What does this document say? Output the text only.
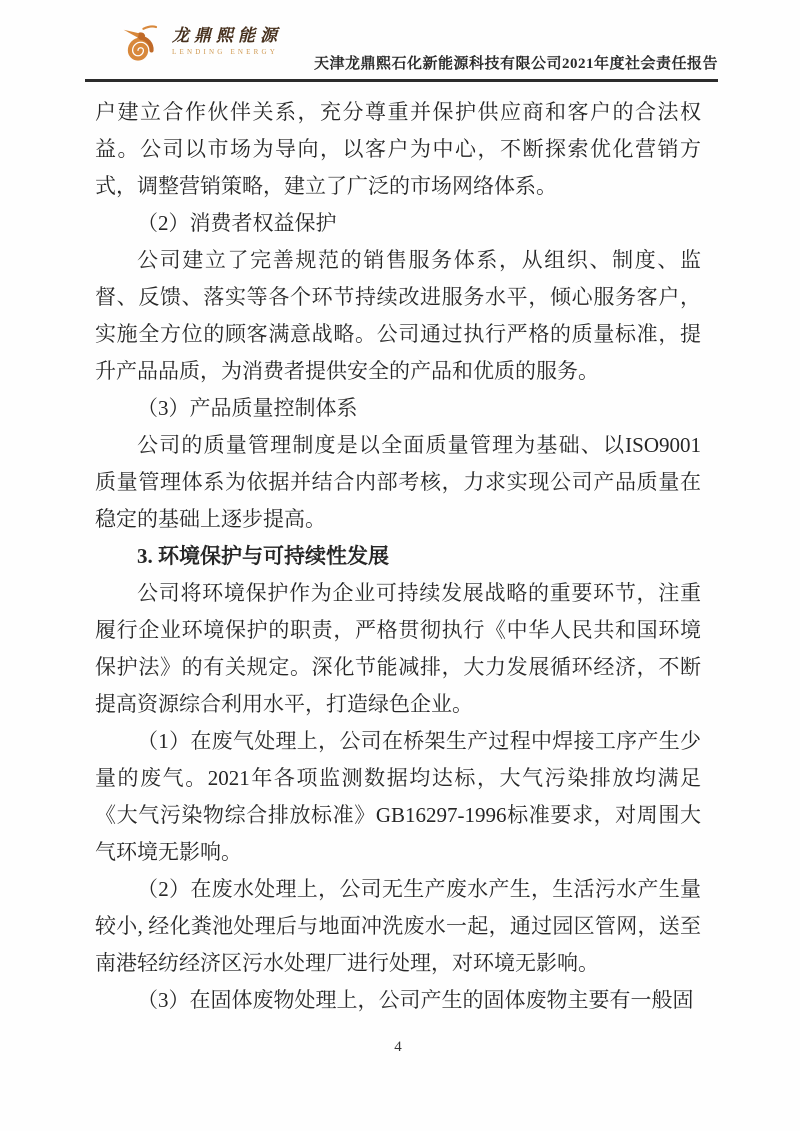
龙鼎熙能源
LENDING ENERGY
天津龙鼎熙石化新能源科技有限公司2021年度社会责任报告

户建立合作伙伴关系，充分尊重并保护供应商和客户的合法权益。公司以市场为导向，以客户为中心，不断探索优化营销方式，调整营销策略，建立了广泛的市场网络体系。

（2）消费者权益保护

公司建立了完善规范的销售服务体系，从组织、制度、监督、反馈、落实等各个环节持续改进服务水平，倾心服务客户，实施全方位的顾客满意战略。公司通过执行严格的质量标准，提升产品品质，为消费者提供安全的产品和优质的服务。

（3）产品质量控制体系

公司的质量管理制度是以全面质量管理为基础、以ISO9001 质量管理体系为依据并结合内部考核，力求实现公司产品质量在稳定的基础上逐步提高。

3. 环境保护与可持续性发展

公司将环境保护作为企业可持续发展战略的重要环节，注重履行企业环境保护的职责，严格贯彻执行《中华人民共和国环境保护法》的有关规定。深化节能减排，大力发展循环经济，不断提高资源综合利用水平，打造绿色企业。

（1）在废气处理上，公司在桥架生产过程中焊接工序产生少量的废气。2021年各项监测数据均达标，大气污染排放均满足《大气污染物综合排放标准》GB16297-1996标准要求，对周围大气环境无影响。

（2）在废水处理上，公司无生产废水产生，生活污水产生量较小, 经化粪池处理后与地面冲洗废水一起，通过园区管网，送至南港轻纺经济区污水处理厂进行处理，对环境无影响。

（3）在固体废物处理上，公司产生的固体废物主要有一般固

4
